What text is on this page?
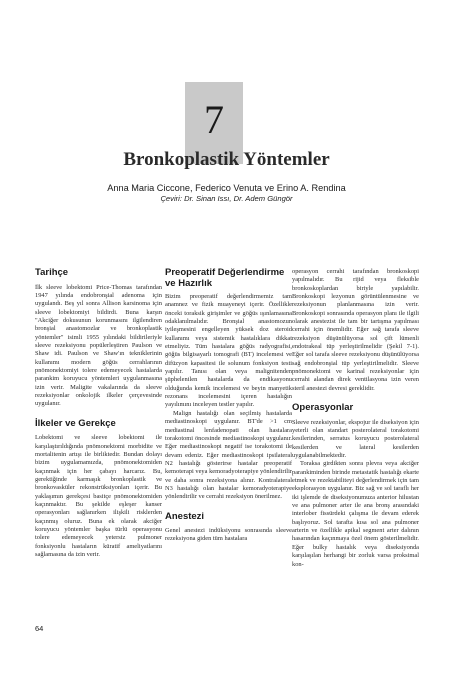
7
Bronkoplastik Yöntemler
Anna Maria Ciccone, Federico Venuta ve Erino A. Rendina
Çeviri: Dr. Sinan Issı, Dr. Adem Güngör
Tarihçe

İlk sleeve lobektomi Price-Thomas tarafından 1947 yılında endobronşial adenoma için uygulandı. Beş yıl sonra Allison karsinoma için sleeve lobektomiyi bildirdi. Buna karşın "Akciğer dokusunun korunmasını ilgilendiren bronşial anastomozlar ve bronkoplastik yöntemler" isimli 1955 yılındaki bildirileriyle sleeve rezeksiyonu popülerleştiren Paulson ve Shaw idi. Paulson ve Shaw'ın tekniklerinin kullanımı modern göğüs cerrahlarının pnömonektomiyi tolere edemeyecek hastalarda parankim koruyucu yöntemleri uygulanmasına izin verir. Maligite vakalarında da sleeve rezeksiyonlar onkolojik ilkeler çerçevesinde uygulanır.

İlkeler ve Gerekçe

Lobektomi ve sleeve lobektomi ile karşılaştırıldığında pnömonektomi morbidite ve mortalitenin artışı ile birliktedir. Bundan dolayı bizim uygulamamızda, pnömonektomiden kaçınmak için her çabayı harcarız. Bu, gerektiğinde karmaşık bronkoplastik ve bronkovasküler rekonstrüksiyonları içerir. Bu yaklaşımın gerekçesi basitçe pnömonektomiden kaçınmaktır. Bu şekilde eşleşer kanser operasyonları sağlanırken ilişkili risklerden kaçınmış oluruz. Buna ek olarak akciğer koruyucu yöntemler başka türlü operasyonu tolere edemeyecek yetersiz pulmoner fonksiyonlu hastaların küratif ameliyatlarını sağlamasına da izin verir.

Preoperatif Değerlendirme ve Hazırlık

Bizim preoperatif değerlendirmemiz tam anamnez ve fizik muayeneyi içerir. Özellikle önceki toraksik girişimler ve göğüs ışınlamasına odaklanılmalıdır. Bronşial anastomozun iyileşmesini engelleyen yüksek doz steroid kullanımı veya sistemik hastalıklara dikkat etmeliyiz. Tüm hastalara göğüs radyografisi, göğüs bilgisayarlı tomografi (BT) incelemesi ve difüzyon kapasitesi ile solunum fonksiyon testi yapılır. Tanısı olan veya malignitenden şüphelenilen hastalarda da endikasyonu olduğunda kemik incelemesi ve beyin manyetik rezonans incelemesini içeren hastalığın yayılımını inceleyen testler yapılır.

Malign hastalığı olan seçilmiş hastalarda mediastinoskopi uygulanır. BT'de >1 cm mediastinal lenfadenopati olan hastalara torakotomi öncesinde mediastinoskopi uygulanır. Eğer mediastinoskopi negatif ise torakotomi ile devam edeniz. Eğer mediastinoskopi ipsilateral N2 hastalığı gösterirse hastalar preoperatif kemoterapi veya kemoradyoterapiye yönlendirilir ve daha sonra rezeksiyona alınır. Kontralateral N3 hastalığı olan hastalar kemoradyoterapiye yönlendirilir ve cerrahi rezeksiyon önerilmez.

Anestezi

Genel anestezi indüksiyonu sonrasında sleeve rezeksiyona giden tüm hastalara

operasyon cerrahi tarafından bronkoskopi yapılmalıdır. Bu rijid veya fleksible bronkoskoplardan biriyle yapılabilir. Bronkoskopi lezyonun görüntülenmesine ve rezeksiyonun planlanmasına izin verir. Bronkoskopi sonrasında operasyon planı ile ilgili olarak anestezist ile tam bir tartışma yapılması cerrahi için önemlidir. Eğer sağ tarafa sleeve rezeksiyon düşünülüyorsa sol çift lümenli endotrakeal tüp yerleştirilmelidir (Şekil 7-1). Eğer sol tarafa sleeve rezeksiyonu düşünülüyorsa sağ endobronşial tüp yerleştirilmelidir. Sleeve pnömonektomi ve karinal rezeksiyonlar için cerrahi alandan direk ventilasyona izin veren steril anestezi devresi gereklidir.

Operasyonlar

Sleeve rezeksiyonlar, ekspojur ile diseksiyon için yeterli olan standart posterolateral torakotomi kesilerinden, serratus koruyucu posterolateral kesilerden ve lateral kesilerden uygulanabilmektedir.

Toraksa girdikten sonra plevra veya akciğer parankiminden birinde metastatik hastalığı ekarte etmek ve rezektabiliteyi değerlendirmek için tam eksplorasyon uygulanır. Biz sağ ve sol taraflı her iki işlemde de diseksiyonumuza anterior hilustan ve ana pulmoner arter ile ana bronş arasındaki interlober fissürdeki çalışma ile devam ederek başlıyoruz. Sol tarafta kısa sol ana pulmoner arterin ve özellikle apikal segment arter dalının hasarından kaçınmaya özel önem gösterilmelidir. Eğer bulky hastalık veya diseksiyonda karşılaşılan herhangi bir zorluk varsa proksimal kon-

64
